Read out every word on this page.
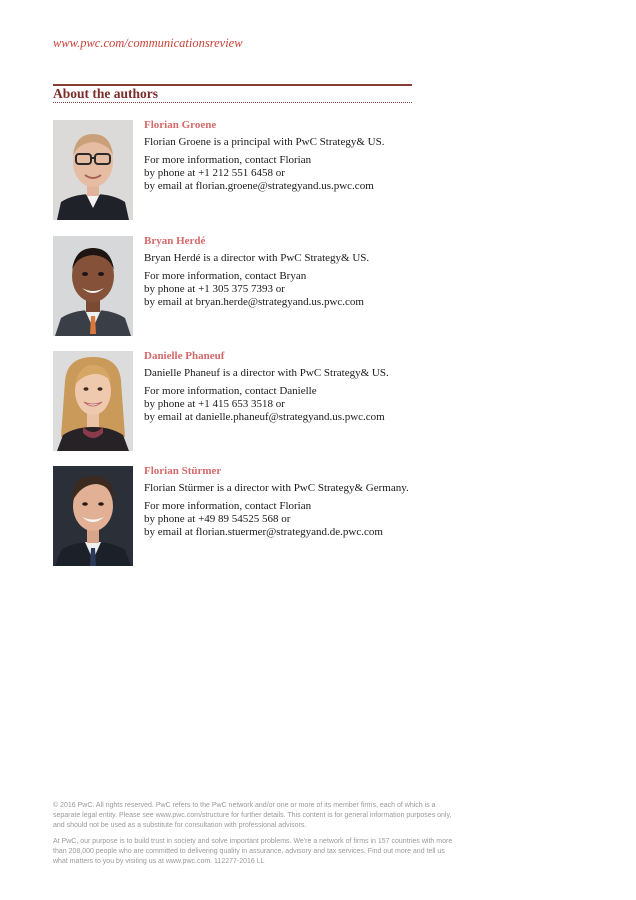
www.pwc.com/communicationsreview
About the authors
Florian Groene
Florian Groene is a principal with PwC Strategy& US.
For more information, contact Florian
by phone at +1 212 551 6458 or
by email at florian.groene@strategyand.us.pwc.com
Bryan Herdé
Bryan Herdé is a director with PwC Strategy& US.
For more information, contact Bryan
by phone at +1 305 375 7393 or
by email at bryan.herde@strategyand.us.pwc.com
Danielle Phaneuf
Danielle Phaneuf is a director with PwC Strategy& US.
For more information, contact Danielle
by phone at +1 415 653 3518 or
by email at danielle.phaneuf@strategyand.us.pwc.com
Florian Stürmer
Florian Stürmer is a director with PwC Strategy& Germany.
For more information, contact Florian
by phone at +49 89 54525 568 or
by email at florian.stuermer@strategyand.de.pwc.com

© 2016 PwC. All rights reserved. PwC refers to the PwC network and/or one or more of its member firms, each of which is a separate legal entity. Please see www.pwc.com/structure for further details. This content is for general information purposes only, and should not be used as a substitute for consultation with professional advisors.

At PwC, our purpose is to build trust in society and solve important problems. We're a network of firms in 157 countries with more than 208,000 people who are committed to delivering quality in assurance, advisory and tax services. Find out more and tell us what matters to you by visiting us at www.pwc.com. 112277-2016 LL
